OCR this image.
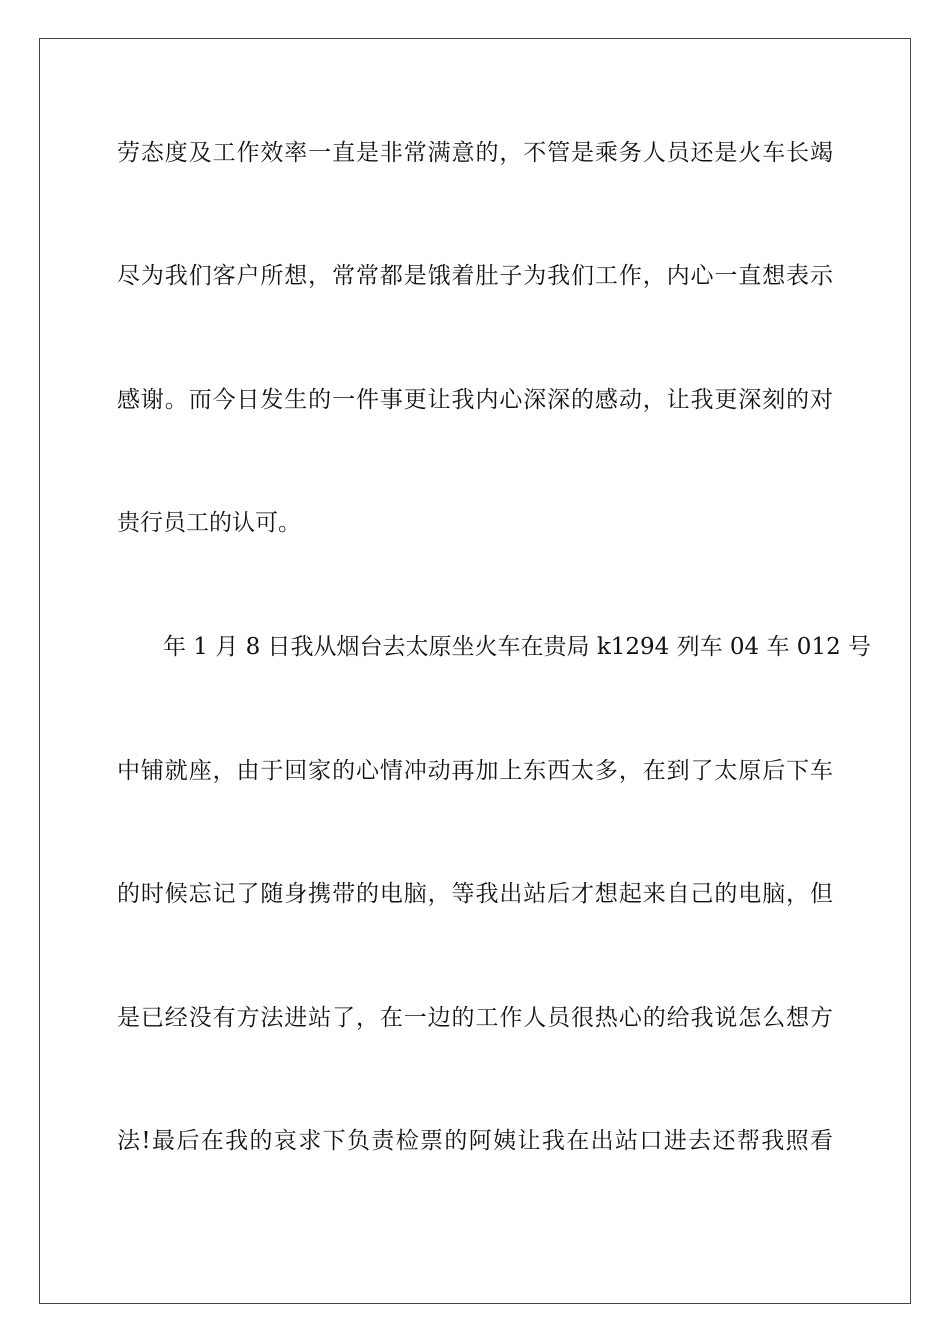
劳态度及工作效率一直是非常满意的，不管是乘务人员还是火车长竭
尽为我们客户所想，常常都是饿着肚子为我们工作，内心一直想表示
感谢。而今日发生的一件事更让我内心深深的感动，让我更深刻的对
贵行员工的认可。
年 1 月 8 日我从烟台去太原坐火车在贵局 k1294 列车 04 车 012 号
中铺就座，由于回家的心情冲动再加上东西太多，在到了太原后下车
的时候忘记了随身携带的电脑，等我出站后才想起来自己的电脑，但
是已经没有方法进站了，在一边的工作人员很热心的给我说怎么想方
法!最后在我的哀求下负责检票的阿姨让我在出站口进去还帮我照看
